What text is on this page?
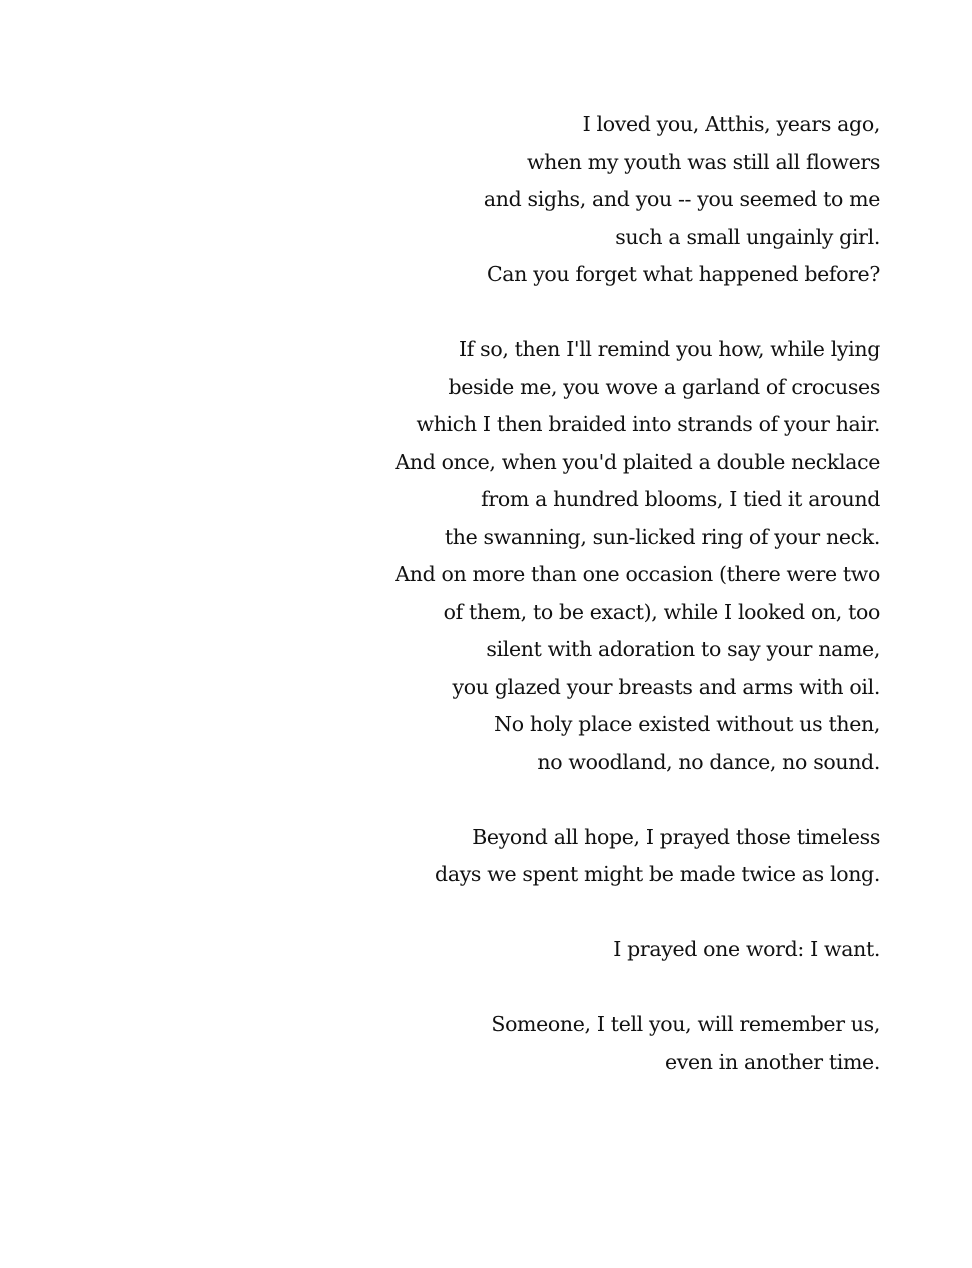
I loved you, Atthis, years ago,
when my youth was still all flowers
and sighs, and you -- you seemed to me
such a small ungainly girl.
Can you forget what happened before?
If so, then I'll remind you how, while lying
beside me, you wove a garland of crocuses
which I then braided into strands of your hair.
And once, when you'd plaited a double necklace
from a hundred blooms, I tied it around
the swanning, sun-licked ring of your neck.
And on more than one occasion (there were two
of them, to be exact), while I looked on, too
silent with adoration to say your name,
you glazed your breasts and arms with oil.
No holy place existed without us then,
no woodland, no dance, no sound.
Beyond all hope, I prayed those timeless
days we spent might be made twice as long.
I prayed one word: I want.
Someone, I tell you, will remember us,
even in another time.
